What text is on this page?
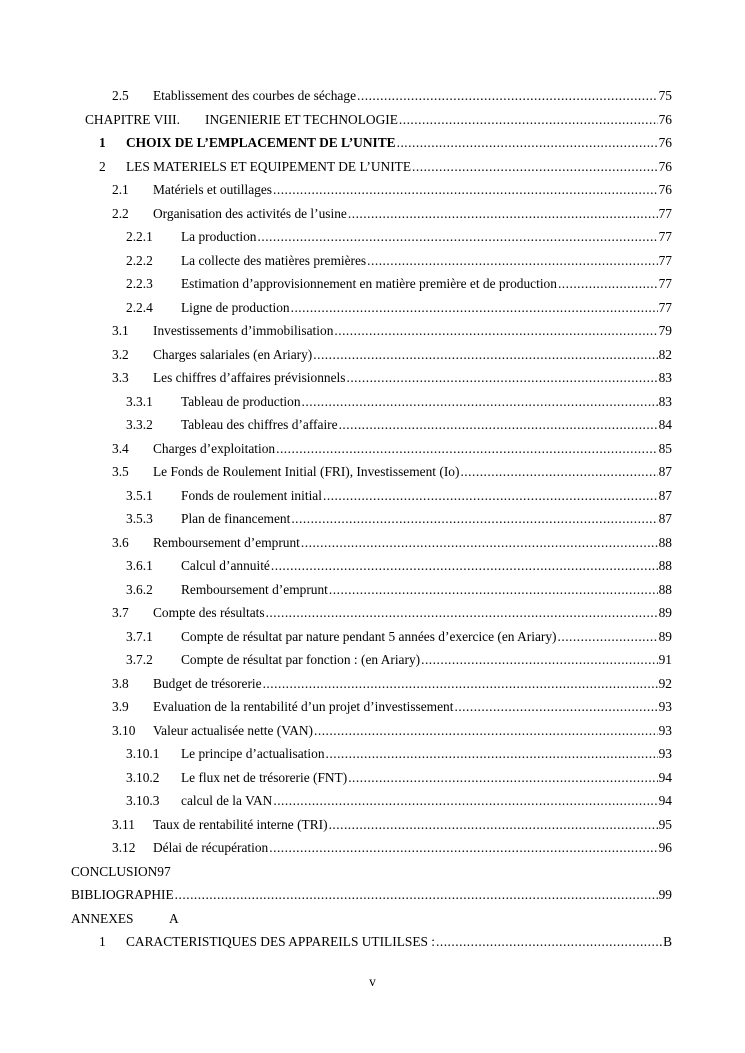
2.5	Etablissement des courbes de séchage .....	75
CHAPITRE VIII.	INGENIERIE ET TECHNOLOGIE .....	76
1	CHOIX DE L’EMPLACEMENT DE L’UNITE .....	76
2	LES MATERIELS ET EQUIPEMENT DE L’UNITE .....	76
2.1	Matériels et outillages .....	76
2.2	Organisation des activités de l’usine .....	77
2.2.1	La production .....	77
2.2.2	La collecte des matières premières .....	77
2.2.3	Estimation d’approvisionnement en matière première et de production .....	77
2.2.4	Ligne de production .....	77
3.1	Investissements d’immobilisation .....	79
3.2	Charges salariales (en Ariary) .....	82
3.3	Les chiffres d’affaires prévisionnels .....	83
3.3.1	Tableau de production .....	83
3.3.2	Tableau des chiffres d’affaire .....	84
3.4	Charges d’exploitation .....	85
3.5	Le Fonds de Roulement Initial (FRI), Investissement (Io) .....	87
3.5.1	Fonds de roulement initial .....	87
3.5.3	Plan de financement .....	87
3.6	Remboursement d’emprunt .....	88
3.6.1	Calcul d’annuité .....	88
3.6.2	Remboursement d’emprunt .....	88
3.7	Compte des résultats .....	89
3.7.1	Compte de résultat par nature pendant 5 années d’exercice (en Ariary) .....	89
3.7.2	Compte de résultat par fonction : (en Ariary) .....	91
3.8	Budget de trésorerie .....	92
3.9	Evaluation de la rentabilité d’un projet d’investissement .....	93
3.10	Valeur actualisée nette (VAN) .....	93
3.10.1	Le principe d’actualisation .....	93
3.10.2	Le flux net de trésorerie (FNT) .....	94
3.10.3	calcul de la VAN .....	94
3.11	Taux de rentabilité interne (TRI) .....	95
3.12	Délai de récupération .....	96
CONCLUSION97
BIBLIOGRAPHIE .....	99
ANNEXES	A
1	CARACTERISTIQUES DES APPAREILS UTILILSES : .....	B
v
